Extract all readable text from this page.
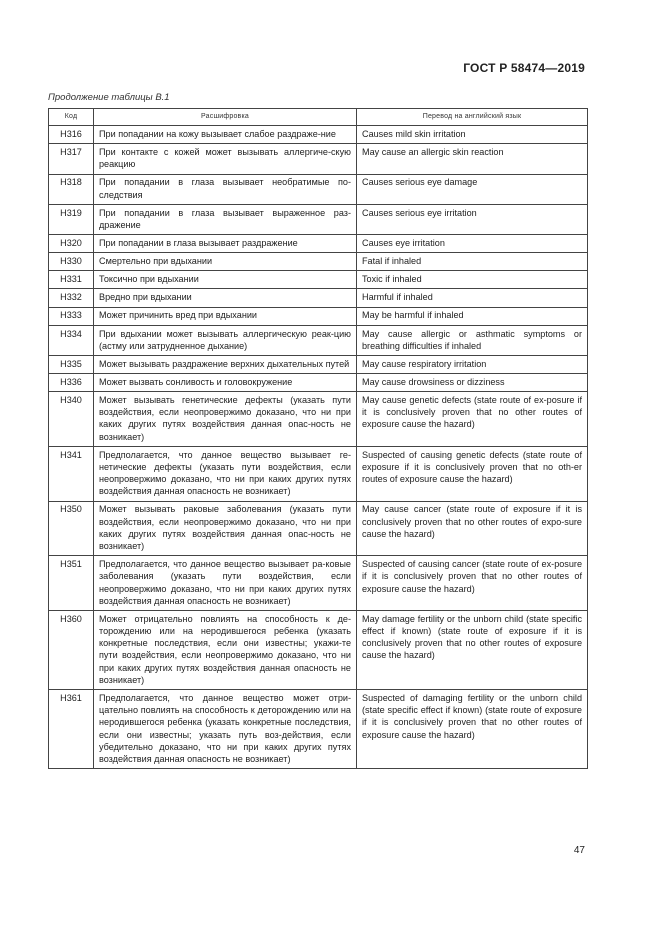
ГОСТ Р 58474—2019
Продолжение таблицы В.1
Код	Расшифровка	Перевод на английский язык
H316	При попадании на кожу вызывает слабое раздраже-ние	Causes mild skin irritation
H317	При контакте с кожей может вызывать аллергиче-скую реакцию	May cause an allergic skin reaction
H318	При попадании в глаза вызывает необратимые по-следствия	Causes serious eye damage
H319	При попадании в глаза вызывает выраженное раз-дражение	Causes serious eye irritation
H320	При попадании в глаза вызывает раздражение	Causes eye irritation
H330	Смертельно при вдыхании	Fatal if inhaled
H331	Токсично при вдыхании	Toxic if inhaled
H332	Вредно при вдыхании	Harmful if inhaled
H333	Может причинить вред при вдыхании	May be harmful if inhaled
H334	При вдыхании может вызывать аллергическую реак-цию (астму или затрудненное дыхание)	May cause allergic or asthmatic symptoms or breathing difficulties if inhaled
H335	Может вызывать раздражение верхних дыхательных путей	May cause respiratory irritation
H336	Может вызвать сонливость и головокружение	May cause drowsiness or dizziness
H340	Может вызывать генетические дефекты (указать пути воздействия, если неопровержимо доказано, что ни при каких других путях воздействия данная опас-ность не возникает)	May cause genetic defects (state route of ex-posure if it is conclusively proven that no other routes of exposure cause the hazard)
H341	Предполагается, что данное вещество вызывает ге-нетические дефекты (указать пути воздействия, если неопровержимо доказано, что ни при каких других путях воздействия данная опасность не возникает)	Suspected of causing genetic defects (state route of exposure if it is conclusively proven that no oth-er routes of exposure cause the hazard)
H350	Может вызывать раковые заболевания (указать пути воздействия, если неопровержимо доказано, что ни при каких других путях воздействия данная опас-ность не возникает)	May cause cancer (state route of exposure if it is conclusively proven that no other routes of expo-sure cause the hazard)
H351	Предполагается, что данное вещество вызывает ра-ковые заболевания (указать пути воздействия, если неопровержимо доказано, что ни при каких других путях воздействия данная опасность не возникает)	Suspected of causing cancer (state route of ex-posure if it is conclusively proven that no other routes of exposure cause the hazard)
H360	Может отрицательно повлиять на способность к де-торождению или на неродившегося ребенка (указать конкретные последствия, если они известны; укажи-те пути воздействия, если неопровержимо доказано, что ни при каких других путях воздействия данная опасность не возникает)	May damage fertility or the unborn child (state specific effect if known) (state route of exposure if it is conclusively proven that no other routes of exposure cause the hazard)
H361	Предполагается, что данное вещество может отри-цательно повлиять на способность к деторождению или на неродившегося ребенка (указать конкретные последствия, если они известны; указать путь воз-действия, если убедительно доказано, что ни при каких других путях воздействия данная опасность не возникает)	Suspected of damaging fertility or the unborn child (state specific effect if known) (state route of exposure if it is conclusively proven that no other routes of exposure cause the hazard)
47
